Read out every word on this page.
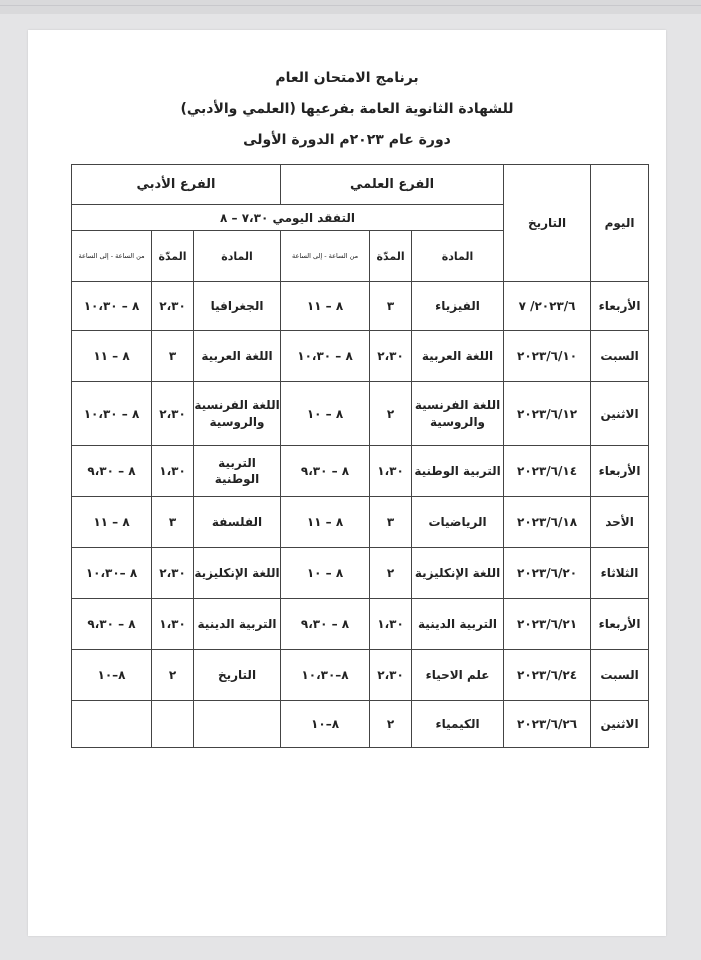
برنامج الامتحان العام
للشهادة الثانوية العامة بفرعيها (العلمي والأدبي)
دورة عام ٢٠٢٣م الدورة الأولى
اليوم	التاريخ	الفرع العلمي			الفرع الأدبي		
		التفقد اليومي ٧،٣٠ – ٨					
		المادة	المدّة	من الساعة - إلى الساعة	المادة	المدّة	من الساعة - إلى الساعة
الأربعاء	٢٠٢٣/٦/ ٧	الفيزياء	٣	٨ – ١١	الجغرافيا	٢،٣٠	٨ – ١٠،٣٠
السبت	٢٠٢٣/٦/١٠	اللغة العربية	٢،٣٠	٨ – ١٠،٣٠	اللغة العربية	٣	٨ – ١١
الاثنين	٢٠٢٣/٦/١٢	اللغة الفرنسية والروسية	٢	٨ – ١٠	اللغة الفرنسية والروسية	٢،٣٠	٨ – ١٠،٣٠
الأربعاء	٢٠٢٣/٦/١٤	التربية الوطنية	١،٣٠	٨ – ٩،٣٠	التربية الوطنية	١،٣٠	٨ – ٩،٣٠
الأحد	٢٠٢٣/٦/١٨	الرياضيات	٣	٨ – ١١	الفلسفة	٣	٨ – ١١
الثلاثاء	٢٠٢٣/٦/٢٠	اللغة الإنكليزية	٢	٨ – ١٠	اللغة الإنكليزية	٢،٣٠	٨ –١٠،٣٠
الأربعاء	٢٠٢٣/٦/٢١	التربية الدينية	١،٣٠	٨ – ٩،٣٠	التربية الدينية	١،٣٠	٨ – ٩،٣٠
السبت	٢٠٢٣/٦/٢٤	علم الاحياء	٢،٣٠	٨–١٠،٣٠	التاريخ	٢	٨–١٠
الاثنين	٢٠٢٣/٦/٢٦	الكيمياء	٢	٨–١٠			
